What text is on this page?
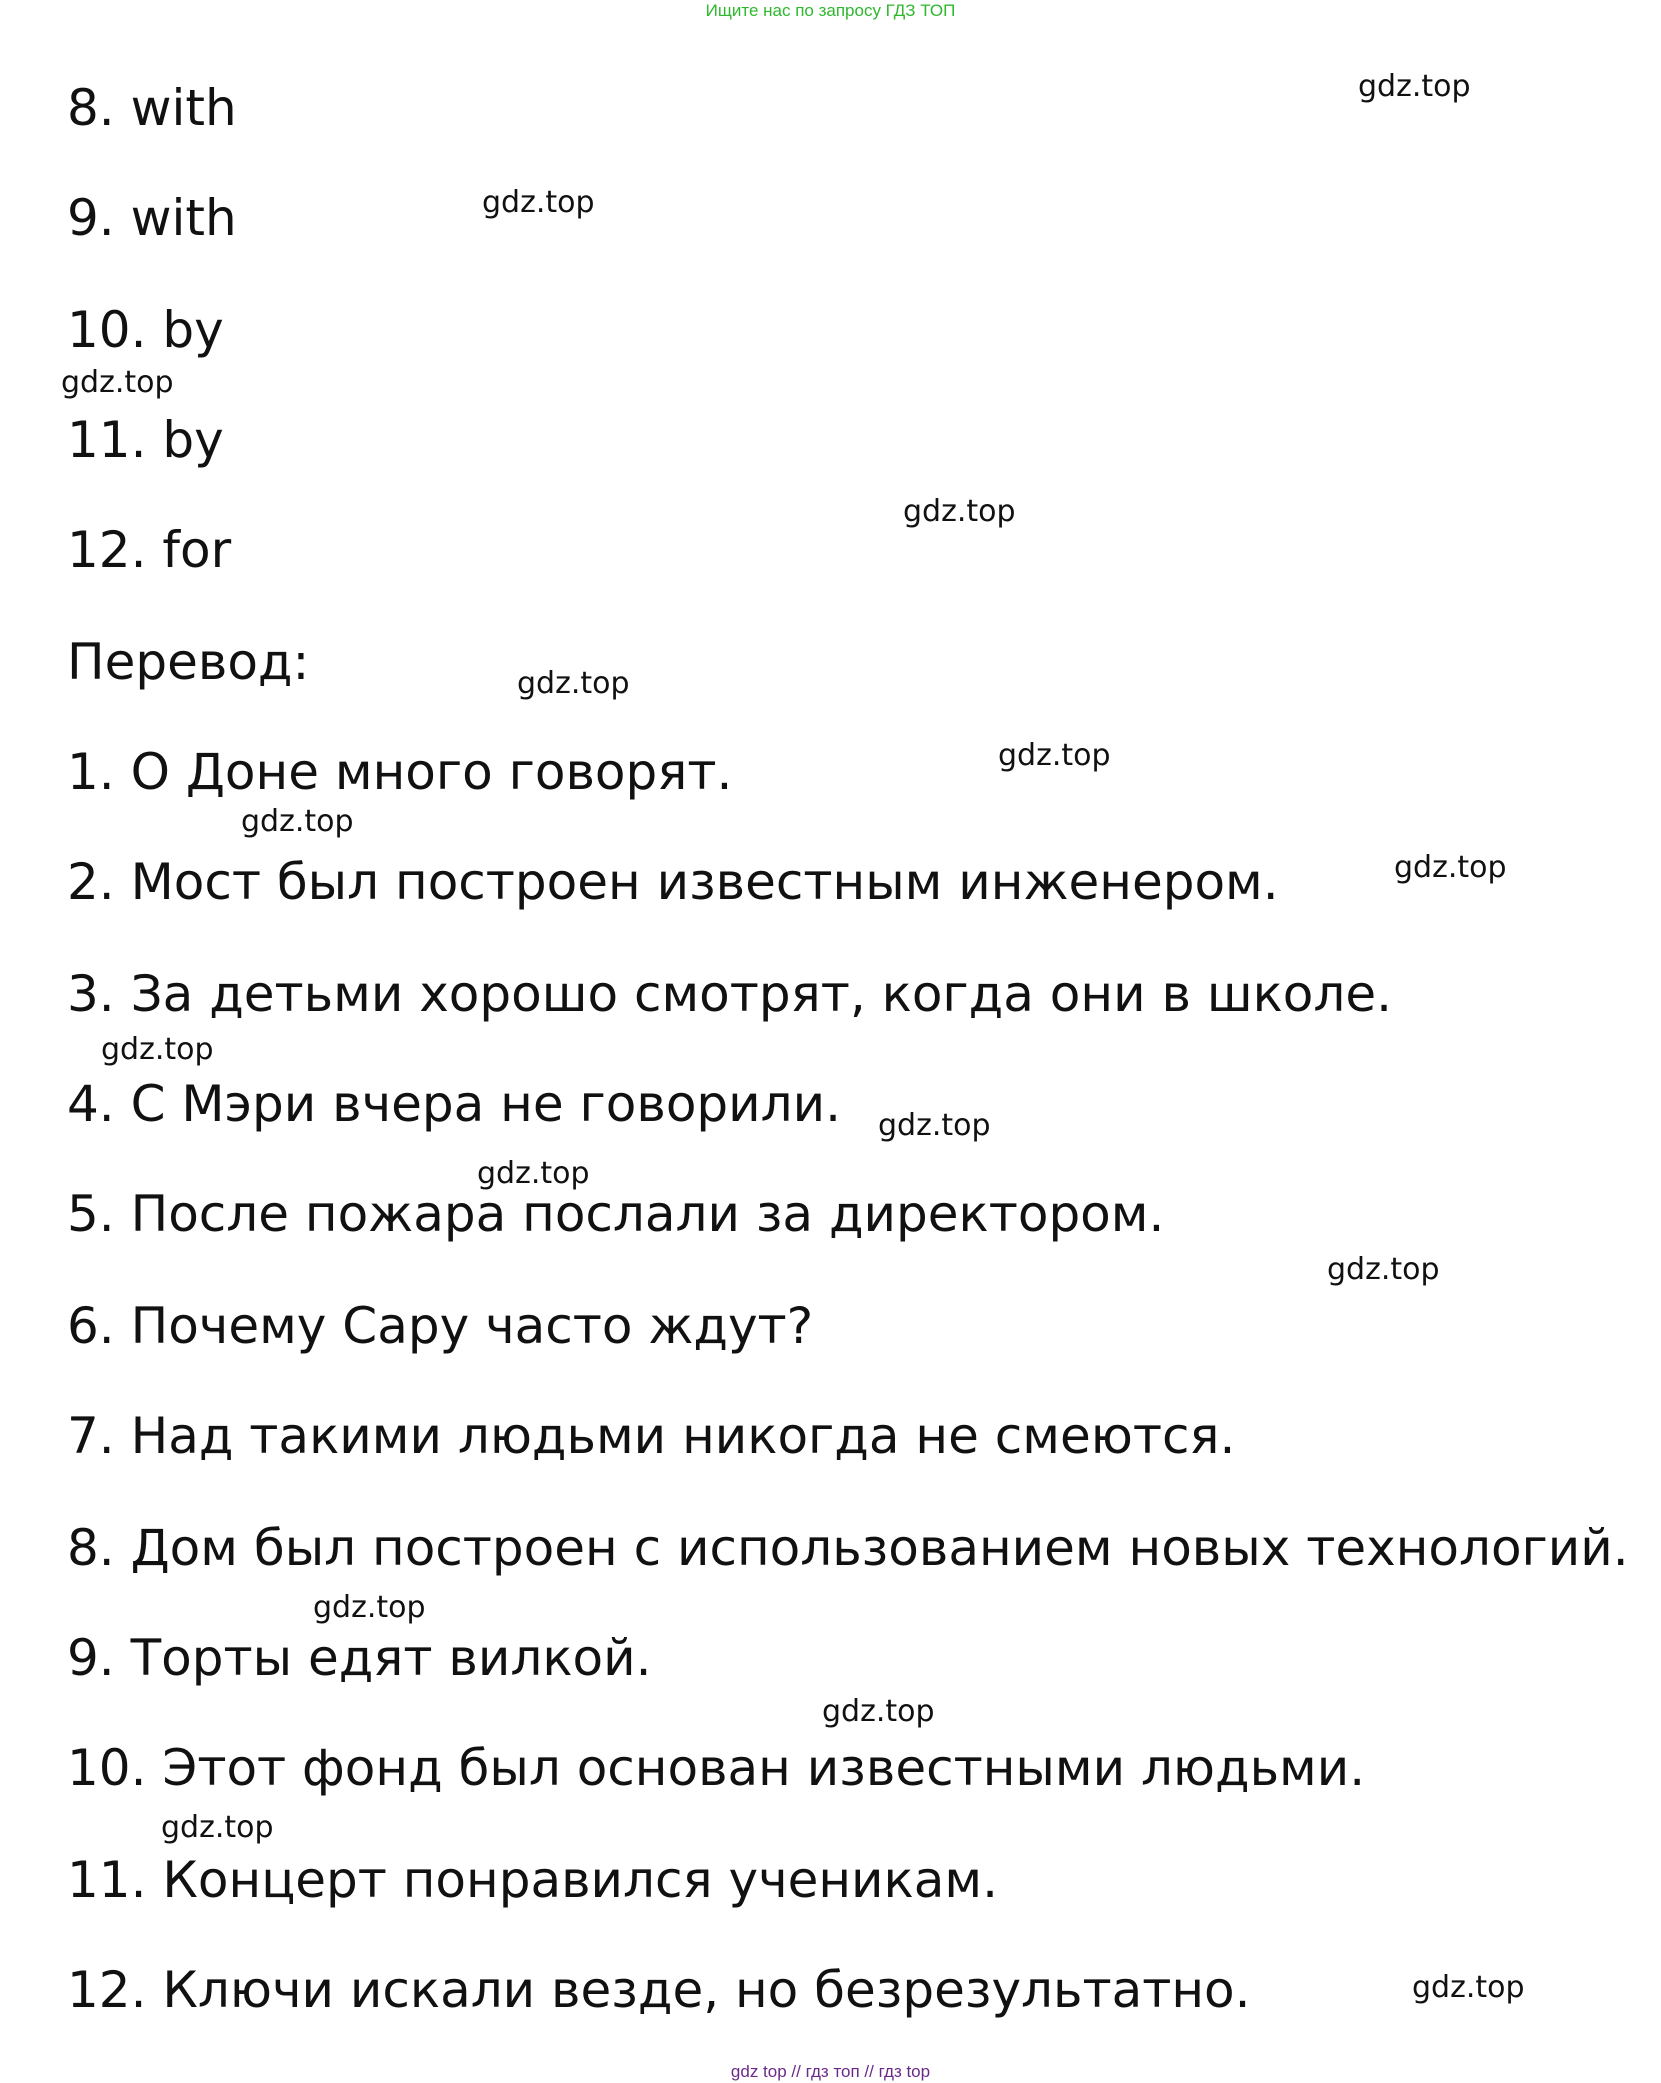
Ищите нас по запросу ГДЗ ТОП
8. with
9. with
10. by
11. by
12. for
Перевод:
1. О Доне много говорят.
2. Мост был построен известным инженером.
3. За детьми хорошо смотрят, когда они в школе.
4. С Мэри вчера не говорили.
5. После пожара послали за директором.
6. Почему Сару часто ждут?
7. Над такими людьми никогда не смеются.
8. Дом был построен с использованием новых технологий.
9. Торты едят вилкой.
10. Этот фонд был основан известными людьми.
11. Концерт понравился ученикам.
12. Ключи искали везде, но безрезультатно.
gdz.top
gdz.top
gdz.top
gdz.top
gdz.top
gdz.top
gdz.top
gdz.top
gdz.top
gdz.top
gdz.top
gdz.top
gdz.top
gdz.top
gdz.top
gdz.top
gdz top // гдз топ // гдз top
